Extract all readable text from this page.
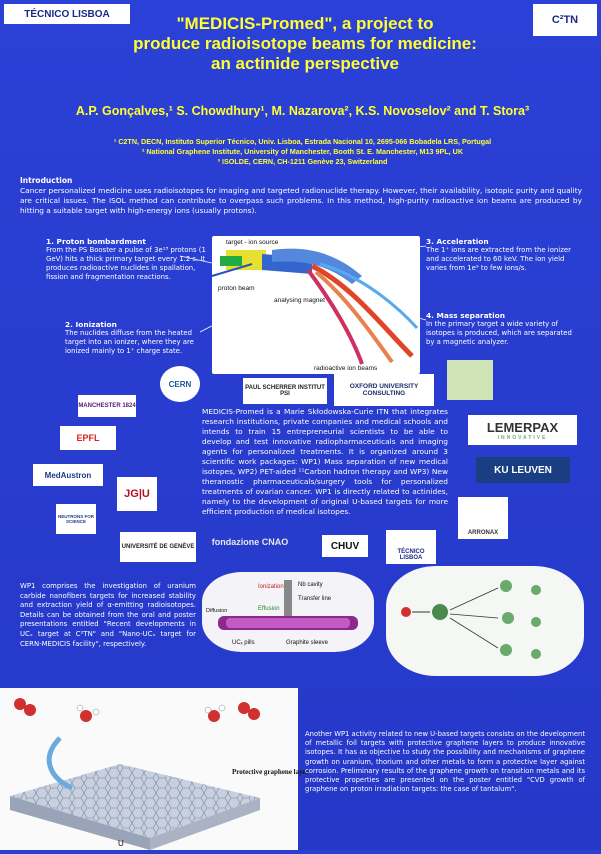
TÉCNICO LISBOA	C²TN
"MEDICIS-Promed", a project to
produce radioisotope beams for medicine:
an actinide perspective
A.P. Gonçalves,¹ S. Chowdhury¹, M. Nazarova², K.S. Novoselov² and T. Stora³
¹ C2TN, DECN, Instituto Superior Técnico, Univ. Lisboa, Estrada Nacional 10, 2695-066 Bobadela LRS, Portugal
² National Graphene Institute, University of Manchester, Booth St. E. Manchester, M13 9PL, UK
³ ISOLDE, CERN, CH-1211 Genève 23, Switzerland
Introduction
Cancer personalized medicine uses radioisotopes for imaging and targeted radionuclide therapy. However, their availability, isotopic purity and quality are critical issues. The ISOL method can contribute to overpass such problems. In this method, high-purity radioactive ion beams are produced by hitting a suitable target with high-energy ions (usually protons).
1. Proton bombardment
From the PS Booster a pulse of 3e¹³ protons (1 GeV) hits a thick primary target every 1.2 s. It produces radioactive nuclides in spallation, fission and fragmentation reactions.
2. Ionization
The nuclides diffuse from the heated target into an ionizer, where they are ionized mainly to 1⁺ charge state.
3. Acceleration
The 1⁺ ions are extracted from the ionizer and accelerated to 60 keV. The ion yield varies from 1e⁹ to few ions/s.
4. Mass separation
In the primary target a wide variety of isotopes is produced, which are separated by a magnetic analyzer.
target - ion source
proton beam
analysing magnet
radioactive ion beams
CERN	PAUL SCHERRER INSTITUT PSI
OXFORD UNIVERSITY CONSULTING
MANCHESTER 1824
EPFL
LEMERPAX
INNOVATIVE
MedAustron
JG|U
KU LEUVEN
NEUTRONS FOR SCIENCE
ARRONAX
UNIVERSITÉ DE GENÈVE fondazione CNAO	CHUV
TÉCNICO LISBOA
MEDICIS-Promed is a Marie Skłodowska-Curie ITN that integrates research institutions, private companies and medical schools and intends to train 15 entrepreneurial scientists to be able to develop and test innovative radiopharmaceuticals and imaging agents for personalized treatments. It is organized around 3 scientific work packages: WP1) Mass separation of new medical isotopes, WP2) PET-aided ¹¹Carbon hadron therapy and WP3) New theranostic pharmaceuticals/surgery tools for personalized treatments of ovarian cancer. WP1 is directly related to actinides, namely to the development of original U-based targets for more efficient production of medical isotopes.
WP1 comprises the investigation of uranium carbide nanofibers targets for increased stability and extraction yield of α-emitting radioisotopes. Details can be obtained from the oral and poster presentations entitled "Recent developments in UCₓ target at C²TN" and "Nano-UCₓ target for CERN-MEDICIS facility", respectively.
Ionization Nb cavity
Transfer line
Effusion
Diffusion
UCₓ pills	Graphite sleeve
Protective graphene layer
U
Another WP1 activity related to new U-based targets consists on the development of metallic foil targets with protective graphene layers to produce innovative isotopes. It has as objective to study the possibility and mechanisms of graphene growth on uranium, thorium and other metals to form a protective layer against corrosion. Preliminary results of the graphene growth on transition metals and its protective properties are presented on the poster entitled "CVD growth of graphene on proton irradiation targets: the case of tantalum".
